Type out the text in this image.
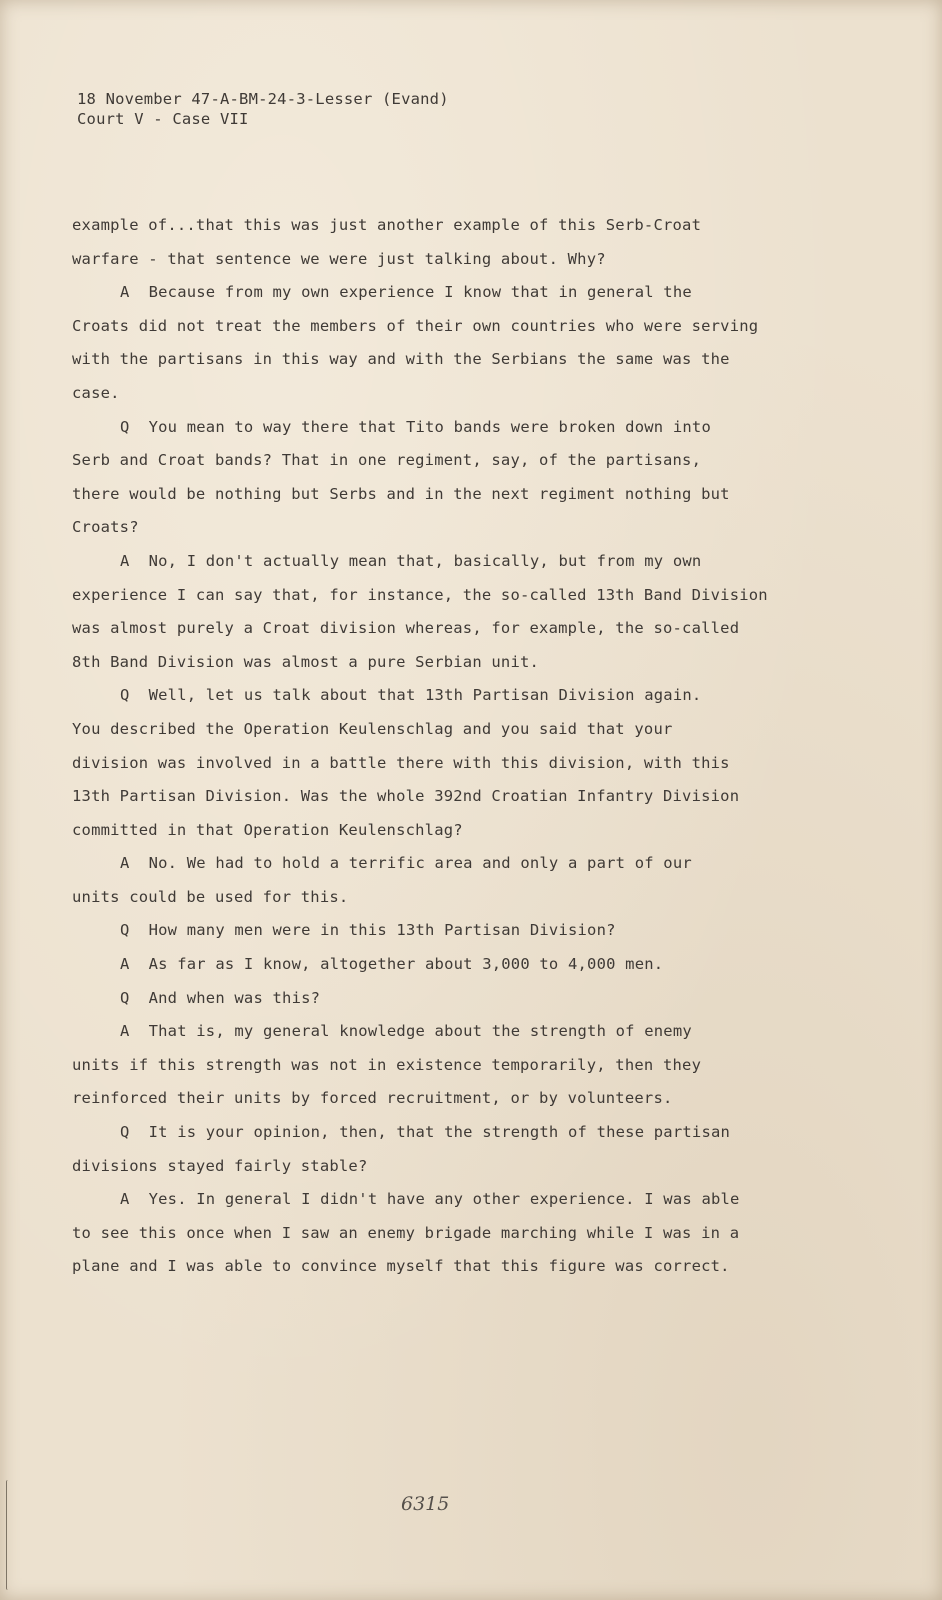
18 November 47-A-BM-24-3-Lesser (Evand)
Court V - Case VII
example of...that this was just another example of this Serb-Croat
warfare - that sentence we were just talking about. Why?
A  Because from my own experience I know that in general the
Croats did not treat the members of their own countries who were serving
with the partisans in this way and with the Serbians the same was the
case.
Q  You mean to way there that Tito bands were broken down into
Serb and Croat bands? That in one regiment, say, of the partisans,
there would be nothing but Serbs and in the next regiment nothing but
Croats?
A  No, I don't actually mean that, basically, but from my own
experience I can say that, for instance, the so-called 13th Band Division
was almost purely a Croat division whereas, for example, the so-called
8th Band Division was almost a pure Serbian unit.
Q  Well, let us talk about that 13th Partisan Division again.
You described the Operation Keulenschlag and you said that your
division was involved in a battle there with this division, with this
13th Partisan Division. Was the whole 392nd Croatian Infantry Division
committed in that Operation Keulenschlag?
A  No. We had to hold a terrific area and only a part of our
units could be used for this.
Q  How many men were in this 13th Partisan Division?
A  As far as I know, altogether about 3,000 to 4,000 men.
Q  And when was this?
A  That is, my general knowledge about the strength of enemy
units if this strength was not in existence temporarily, then they
reinforced their units by forced recruitment, or by volunteers.
Q  It is your opinion, then, that the strength of these partisan
divisions stayed fairly stable?
A  Yes. In general I didn't have any other experience. I was able
to see this once when I saw an enemy brigade marching while I was in a
plane and I was able to convince myself that this figure was correct.
6315
